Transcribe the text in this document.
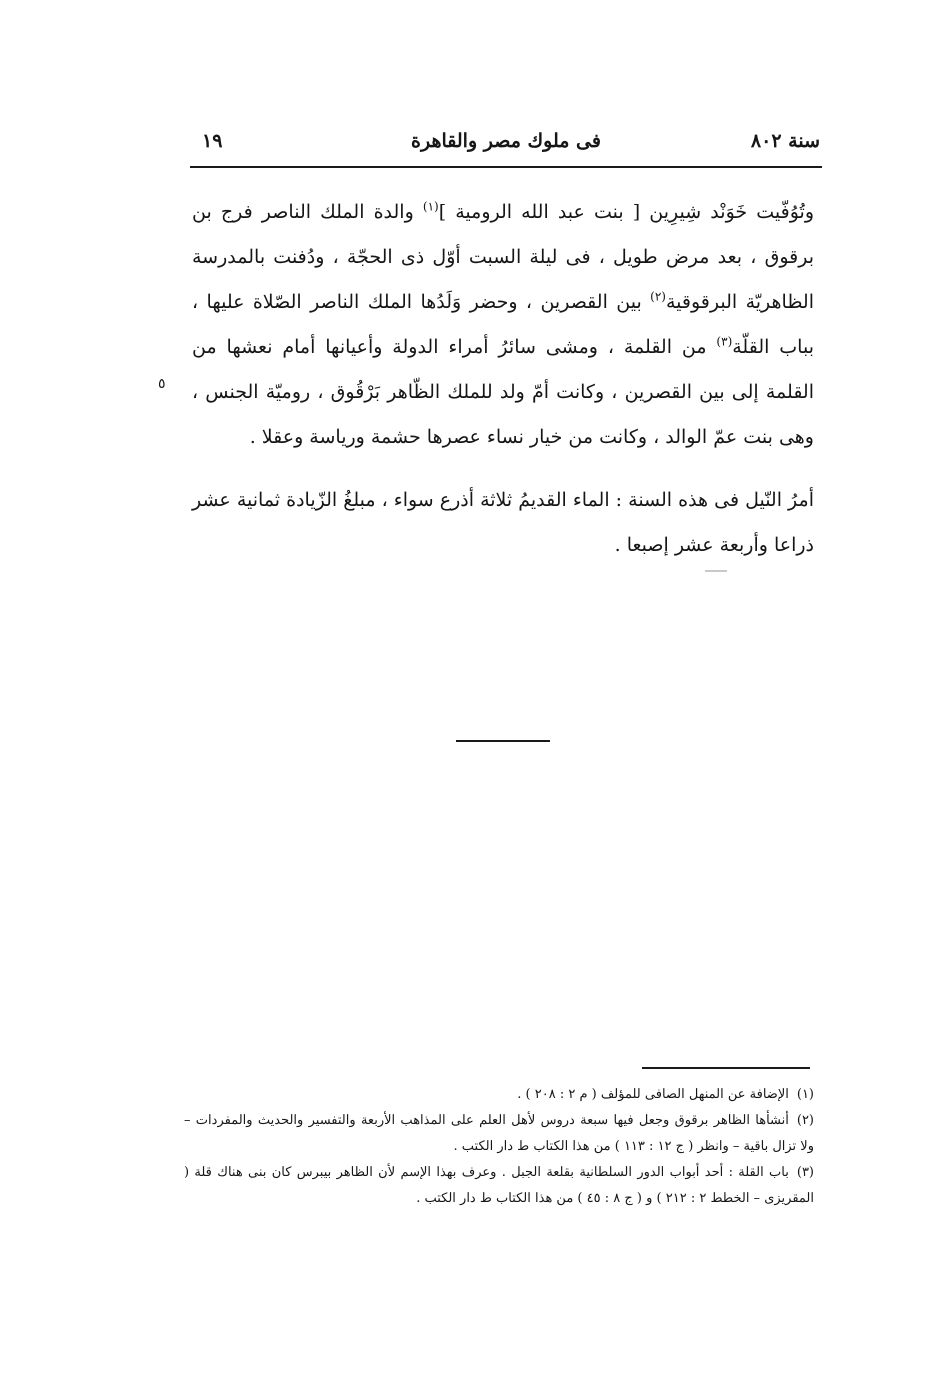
سنة ٨٠٢
فى ملوك مصر والقاهرة
١٩

وتُوُفّيت خَوَنْد شِيرِين [ بنت عبد الله الرومية ]$^{(١)}$ والدة الملك الناصر فرج بن برقوق ، بعد مرض طويل ، فى ليلة السبت أوّل ذى الحجّة ، ودُفنت بالمدرسة الظاهريّة البرقوقية$^{(٢)}$ بين القصرين ، وحضر وَلَدُها الملك الناصر الصّلاة عليها ، بباب القلّة$^{(٣)}$ من القلمة ، ومشى سائرُ أمراء الدولة وأعيانها أمام نعشها من القلمة إلى بين القصرين ، وكانت أمّ ولد للملك الظّاهر بَرْقُوق ، روميّة الجنس ، وهى بنت عمّ الوالد ، وكانت من خيار نساء عصرها حشمة ورياسة وعقلا .

أمرُ النّيل فى هذه السنة : الماء القديمُ ثلاثة أذرع سواء ، مبلغُ الزّيادة ثمانية عشر ذراعا وأربعة عشر إصبعا .

٥

(١)الإضافة عن المنهل الصافى للمؤلف ( م ٢ : ٢٠٨ ) .

(٢)أنشأها الظاهر برقوق وجعل فيها سبعة دروس لأهل العلم على المذاهب الأربعة والتفسير والحديث والمفردات – ولا تزال باقية – وانظر ( ج ١٢ : ١١٣ ) من هذا الكتاب ط دار الكتب .

(٣)باب القلة : أحد أبواب الدور السلطانية بقلعة الجبل . وعرف بهذا الإسم لأن الظاهر بيبرس كان بنى هناك قلة ( المقريزى – الخطط ٢ : ٢١٢ ) و ( ج ٨ : ٤٥ ) من هذا الكتاب ط دار الكتب .
